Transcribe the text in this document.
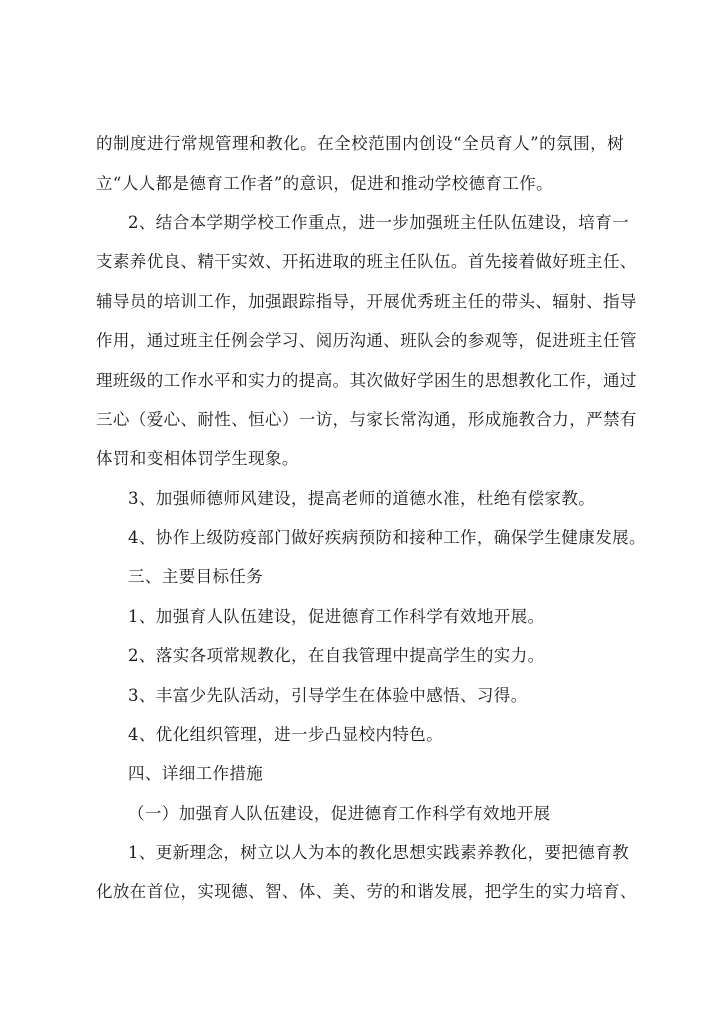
的制度进行常规管理和教化。在全校范围内创设“全员育人”的氛围，树
立“人人都是德育工作者”的意识，促进和推动学校德育工作。
2、结合本学期学校工作重点，进一步加强班主任队伍建设，培育一
支素养优良、精干实效、开拓进取的班主任队伍。首先接着做好班主任、
辅导员的培训工作，加强跟踪指导，开展优秀班主任的带头、辐射、指导
作用，通过班主任例会学习、阅历沟通、班队会的参观等，促进班主任管
理班级的工作水平和实力的提高。其次做好学困生的思想教化工作，通过
三心（爱心、耐性、恒心）一访，与家长常沟通，形成施教合力，严禁有
体罚和变相体罚学生现象。
3、加强师德师风建设，提高老师的道德水准，杜绝有偿家教。
4、协作上级防疫部门做好疾病预防和接种工作，确保学生健康发展。
三、主要目标任务
1、加强育人队伍建设，促进德育工作科学有效地开展。
2、落实各项常规教化，在自我管理中提高学生的实力。
3、丰富少先队活动，引导学生在体验中感悟、习得。
4、优化组织管理，进一步凸显校内特色。
四、详细工作措施
（一）加强育人队伍建设，促进德育工作科学有效地开展
1、更新理念，树立以人为本的教化思想实践素养教化，要把德育教
化放在首位，实现德、智、体、美、劳的和谐发展，把学生的实力培育、
